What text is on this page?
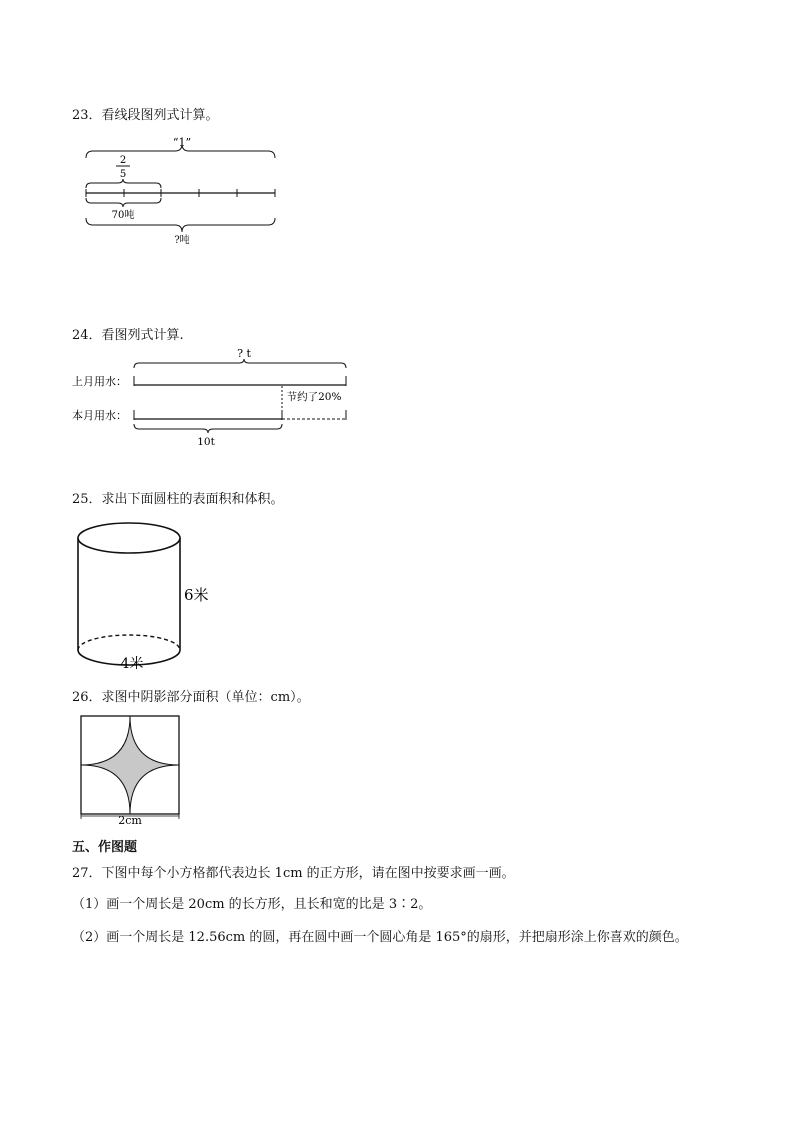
23．看线段图列式计算。
“1”
2
5
70吨
?吨
24．看图列式计算.
? t
上月用水：
节约了20%
本月用水：
10t
25．求出下面圆柱的表面积和体积。
6米
4米
26．求图中阴影部分面积（单位：cm）。
2cm
五、作图题
27．下图中每个小方格都代表边长 1cm 的正方形，请在图中按要求画一画。
（1）画一个周长是 20cm 的长方形，且长和宽的比是 3∶2。
（2）画一个周长是 12.56cm 的圆，再在圆中画一个圆心角是 165°的扇形，并把扇形涂上你喜欢的颜色。
